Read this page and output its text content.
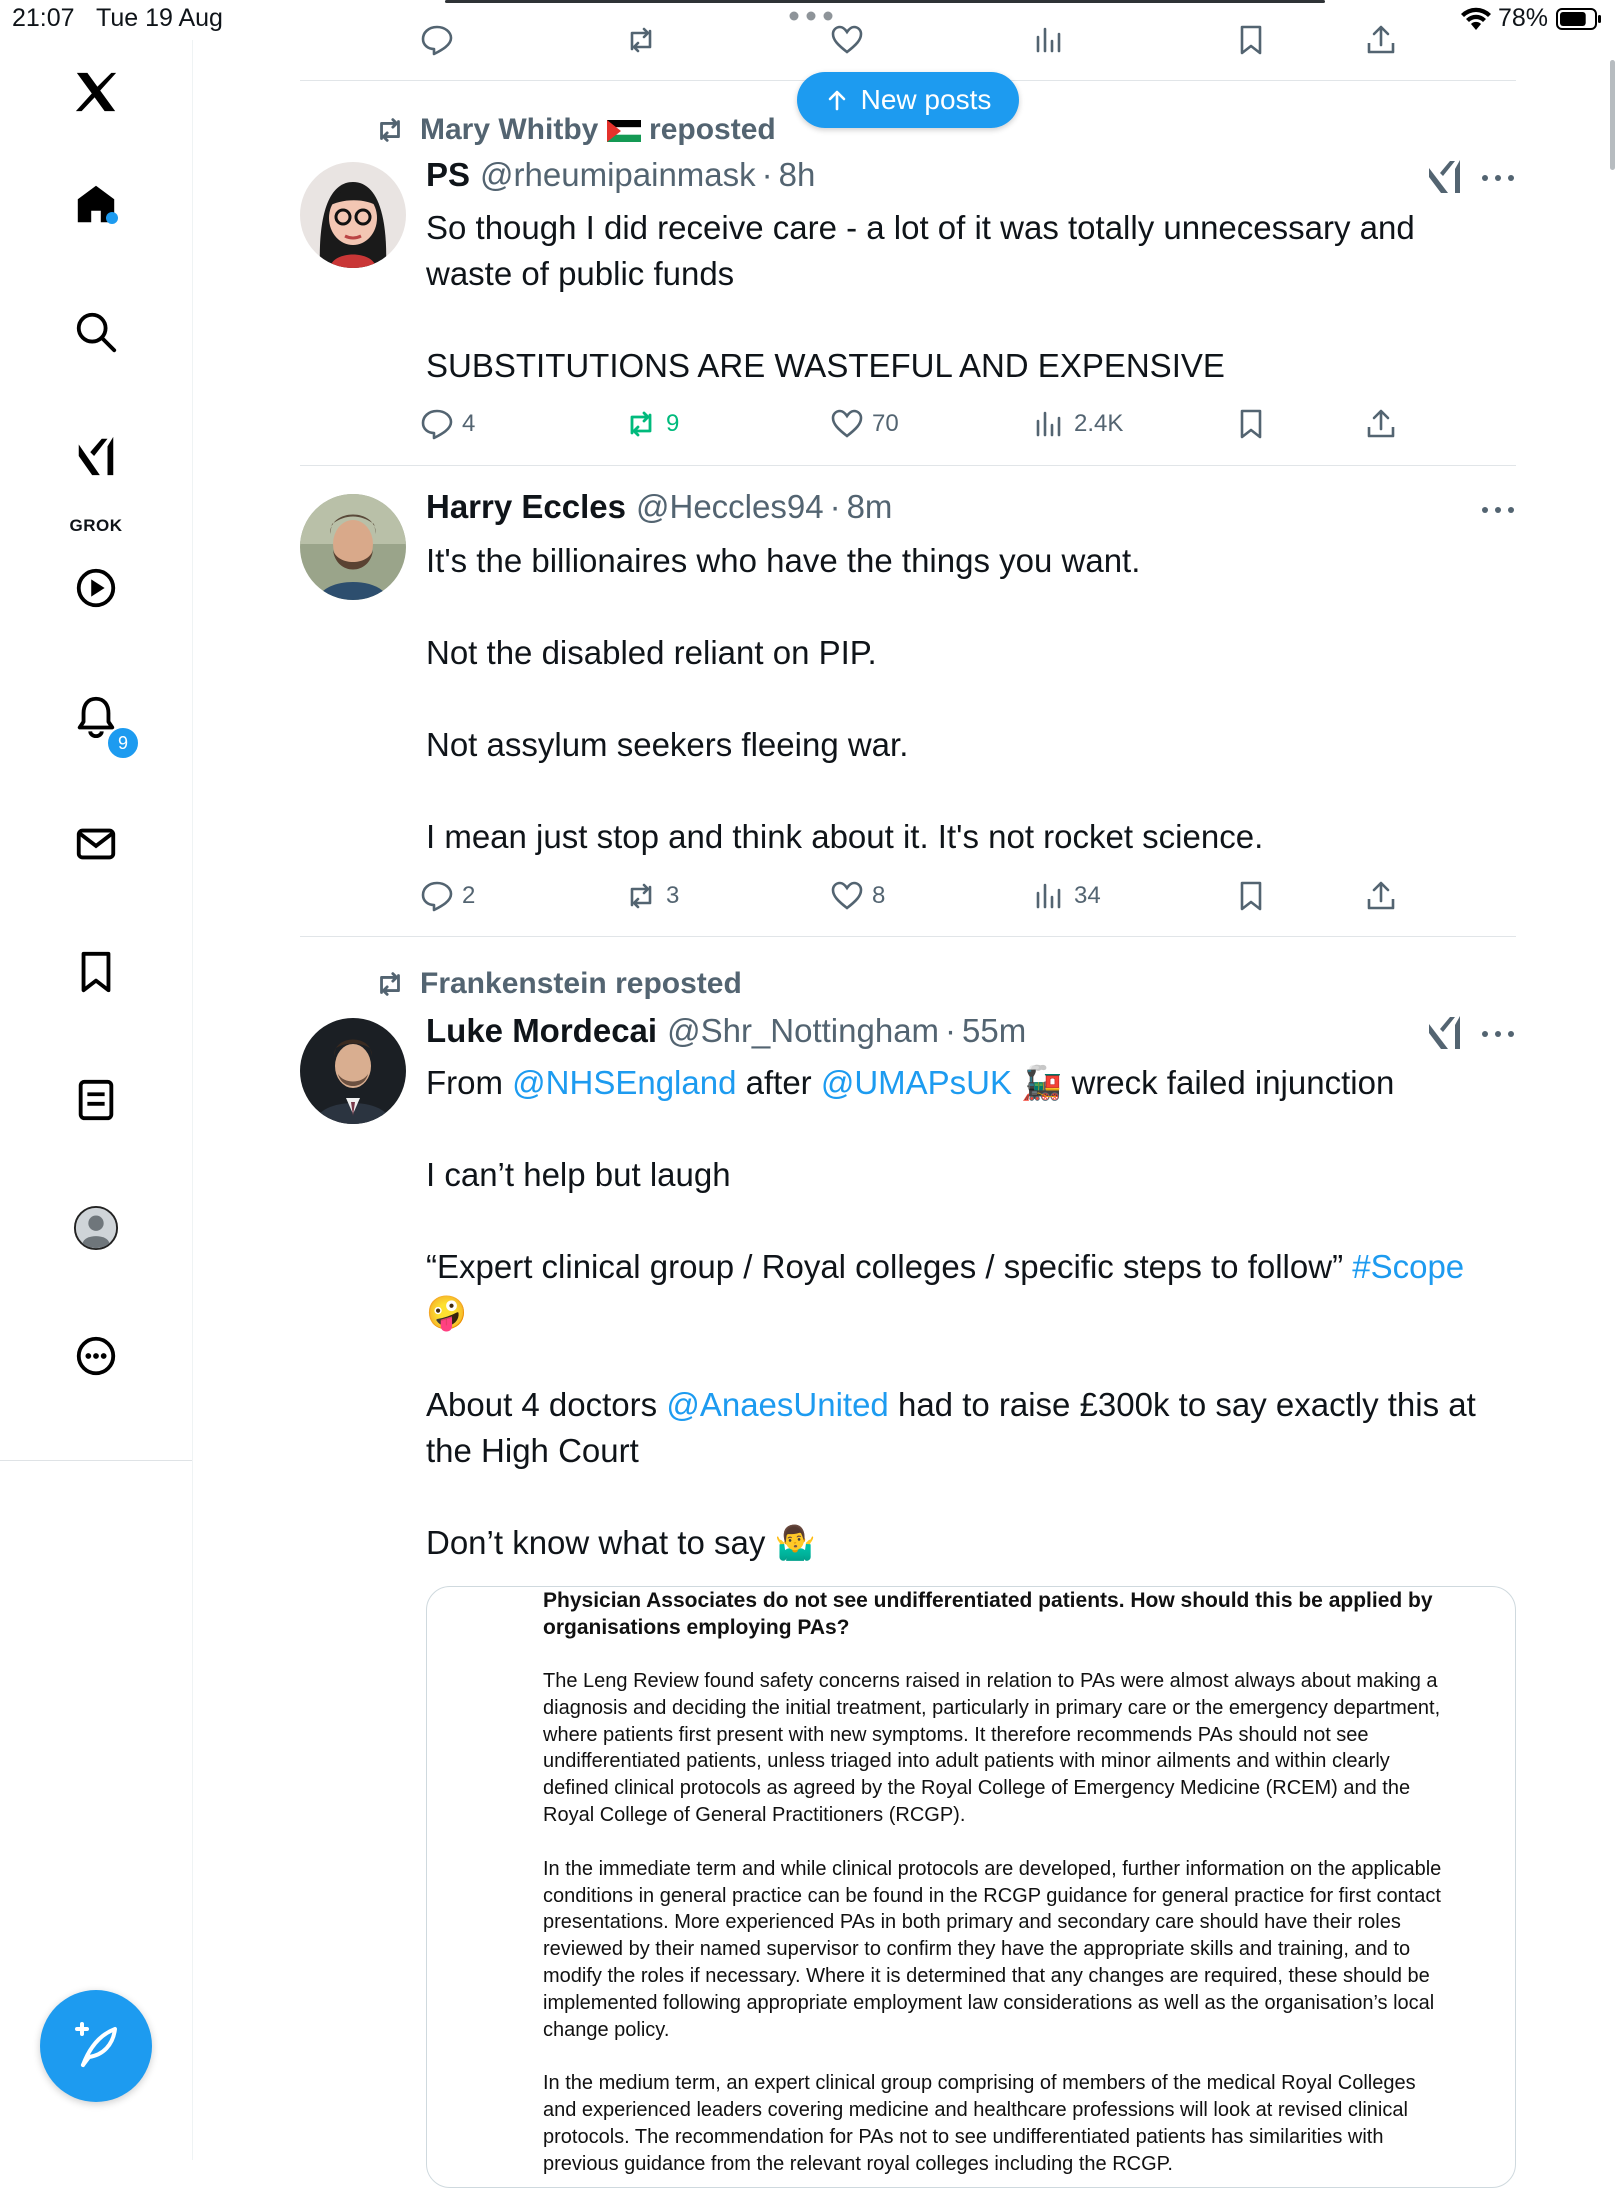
21:07 Tue 19 Aug	78%
GROK
9
New posts
Mary Whitby reposted
PS @rheumipainmask · 8h

So though I did receive care - a lot of it was totally unnecessary and waste of public funds

SUBSTITUTIONS ARE WASTEFUL AND EXPENSIVE

4	9	70	2.4K
Harry Eccles @Heccles94 · 8m

It's the billionaires who have the things you want.

Not the disabled reliant on PIP.

Not assylum seekers fleeing war.

I mean just stop and think about it. It's not rocket science.

2	3	8	34
Frankenstein reposted
Luke Mordecai @Shr_Nottingham · 55m

From @NHSEngland after @UMAPsUK 🚂 wreck failed injunction

I can’t help but laugh

“Expert clinical group / Royal colleges / specific steps to follow” #Scope 🤪

About 4 doctors @AnaesUnited had to raise £300k to say exactly this at the High Court

Don’t know what to say 🤷‍♂️

Physician Associates do not see undifferentiated patients. How should this be applied by organisations employing PAs?

The Leng Review found safety concerns raised in relation to PAs were almost always about making a diagnosis and deciding the initial treatment, particularly in primary care or the emergency department, where patients first present with new symptoms. It therefore recommends PAs should not see undifferentiated patients, unless triaged into adult patients with minor ailments and within clearly defined clinical protocols as agreed by the Royal College of Emergency Medicine (RCEM) and the Royal College of General Practitioners (RCGP).

In the immediate term and while clinical protocols are developed, further information on the applicable conditions in general practice can be found in the RCGP guidance for general practice for first contact presentations. More experienced PAs in both primary and secondary care should have their roles reviewed by their named supervisor to confirm they have the appropriate skills and training, and to modify the roles if necessary. Where it is determined that any changes are required, these should be implemented following appropriate employment law considerations as well as the organisation’s local change policy.

In the medium term, an expert clinical group comprising of members of the medical Royal Colleges and experienced leaders covering medicine and healthcare professions will look at revised clinical protocols. The recommendation for PAs not to see undifferentiated patients has similarities with previous guidance from the relevant royal colleges including the RCGP.
